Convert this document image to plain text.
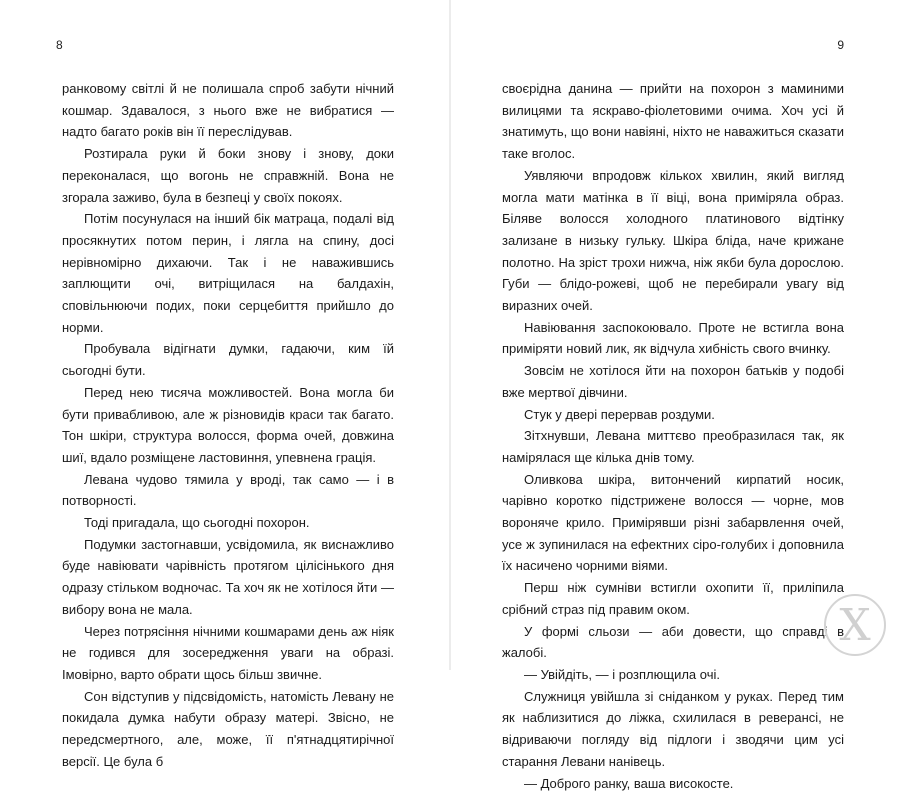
8

ранковому світлі й не полишала спроб забути нічний кошмар. Здавалося, з нього вже не вибратися — надто багато років він її переслідував.

Розтирала руки й боки знову і знову, доки переконалася, що вогонь не справжній. Вона не згорала заживо, була в безпеці у своїх покоях.

Потім посунулася на інший бік матраца, подалі від просякнутих потом перин, і лягла на спину, досі нерівномірно дихаючи. Так і не наважившись заплющити очі, витріщилася на балдахін, сповільнюючи подих, поки серцебиття прийшло до норми.

Пробувала відігнати думки, гадаючи, ким їй сьогодні бути.

Перед нею тисяча можливостей. Вона могла би бути привабливою, але ж різновидів краси так багато. Тон шкіри, структура волосся, форма очей, довжина шиї, вдало розміщене ластовиння, упевнена грація.

Левана чудово тямила у вроді, так само — і в потворності.

Тоді пригадала, що сьогодні похорон.

Подумки застогнавши, усвідомила, як виснажливо буде навіювати чарівність протягом цілісінького дня одразу стільком водночас. Та хоч як не хотілося йти — вибору вона не мала.

Через потрясіння нічними кошмарами день аж ніяк не годився для зосередження уваги на образі. Імовірно, варто обрати щось більш звичне.

Сон відступив у підсвідомість, натомість Левану не покидала думка набути образу матері. Звісно, не передсмертного, але, може, її п'ятнадцятирічної версії. Це була б

9

своєрідна данина — прийти на похорон з маминими вилицями та яскраво-фіолетовими очима. Хоч усі й знатимуть, що вони навіяні, ніхто не наважиться сказати таке вголос.

Уявляючи впродовж кількох хвилин, який вигляд могла мати матінка в її віці, вона приміряла образ. Біляве волосся холодного платинового відтінку зализане в низьку гульку. Шкіра бліда, наче крижане полотно. На зріст трохи нижча, ніж якби була дорослою. Губи — блідо-рожеві, щоб не перебирали увагу від виразних очей.

Навіювання заспокоювало. Проте не встигла вона приміряти новий лик, як відчула хибність свого вчинку.

Зовсім не хотілося йти на похорон батьків у подобі вже мертвої дівчини.

Стук у двері перервав роздуми.

Зітхнувши, Левана миттєво преобразилася так, як намірялася ще кілька днів тому.

Оливкова шкіра, витончений кирпатий носик, чарівно коротко підстрижене волосся — чорне, мов вороняче крило. Примірявши різні забарвлення очей, усе ж зупинилася на ефектних сіро-голубих і доповнила їх насичено чорними віями.

Перш ніж сумніви встигли охопити її, приліпила срібний страз під правим оком.

У формі сльози — аби довести, що справді в жалобі.

— Увійдіть, — і розплющила очі.

Служниця увійшла зі сніданком у руках. Перед тим як наблизитися до ліжка, схилилася в реверансі, не відриваючи погляду від підлоги і зводячи цим усі старання Левани нанівець.

— Доброго ранку, ваша високосте.

Х
